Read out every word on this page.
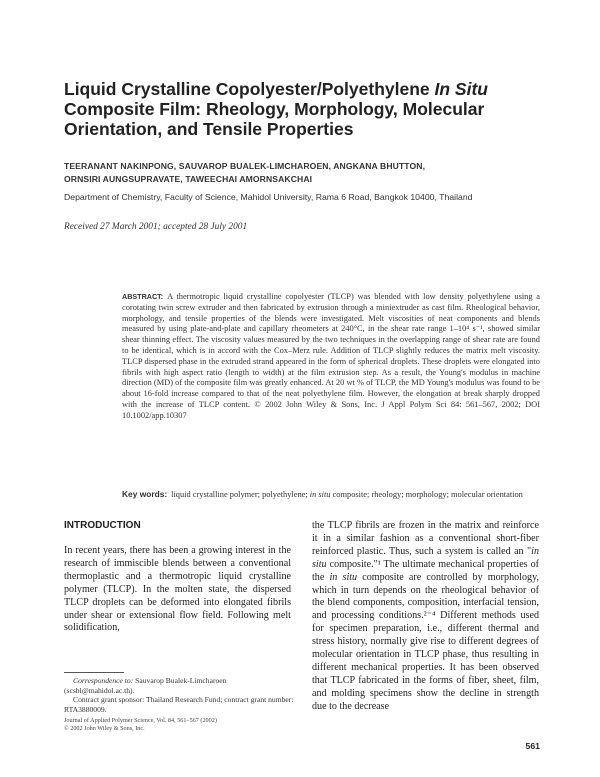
Liquid Crystalline Copolyester/Polyethylene In Situ
Composite Film: Rheology, Morphology, Molecular
Orientation, and Tensile Properties
TEERANANT NAKINPONG, SAUVAROP BUALEK-LIMCHAROEN, ANGKANA BHUTTON,
ORNSIRI AUNGSUPRAVATE, TAWEECHAI AMORNSAKCHAI
Department of Chemistry, Faculty of Science, Mahidol University, Rama 6 Road, Bangkok 10400, Thailand
Received 27 March 2001; accepted 28 July 2001
ABSTRACT: A thermotropic liquid crystalline copolyester (TLCP) was blended with low density polyethylene using a corotating twin screw extruder and then fabricated by extrusion through a miniextruder as cast film. Rheological behavior, morphology, and tensile properties of the blends were investigated. Melt viscosities of neat components and blends measured by using plate-and-plate and capillary rheometers at 240°C, in the shear rate range 1–10⁴ s⁻¹, showed similar shear thinning effect. The viscosity values measured by the two techniques in the overlapping range of shear rate are found to be identical, which is in accord with the Cox–Merz rule. Addition of TLCP slightly reduces the matrix melt viscosity. TLCP dispersed phase in the extruded strand appeared in the form of spherical droplets. These droplets were elongated into fibrils with high aspect ratio (length to width) at the film extrusion step. As a result, the Young's modulus in machine direction (MD) of the composite film was greatly enhanced. At 20 wt % of TLCP, the MD Young's modulus was found to be about 16-fold increase compared to that of the neat polyethylene film. However, the elongation at break sharply dropped with the increase of TLCP content. © 2002 John Wiley & Sons, Inc. J Appl Polym Sci 84: 561–567, 2002; DOI 10.1002/app.10307
Key words: liquid crystalline polymer; polyethylene; in situ composite; rheology; morphology; molecular orientation
INTRODUCTION
In recent years, there has been a growing interest in the research of immiscible blends between a conventional thermoplastic and a thermotropic liquid crystalline polymer (TLCP). In the molten state, the dispersed TLCP droplets can be deformed into elongated fibrils under shear or extensional flow field. Following melt solidification,
the TLCP fibrils are frozen in the matrix and reinforce it in a similar fashion as a conventional short-fiber reinforced plastic. Thus, such a system is called an "in situ composite."¹ The ultimate mechanical properties of the in situ composite are controlled by morphology, which in turn depends on the rheological behavior of the blend components, composition, interfacial tension, and processing conditions.²⁻⁴ Different methods used for specimen preparation, i.e., different thermal and stress history, normally give rise to different degrees of molecular orientation in TLCP phase, thus resulting in different mechanical properties. It has been observed that TLCP fabricated in the forms of fiber, sheet, film, and molding specimens show the decline in strength due to the decrease

Correspondence to: Sauvarop Bualek-Limcharoen (scsbl@mahidol.ac.th).

Contract grant sponsor: Thailand Research Fund; contract grant number: RTA3880009.

Journal of Applied Polymer Science, Vol. 84, 561–567 (2002)
© 2002 John Wiley & Sons, Inc.
561
